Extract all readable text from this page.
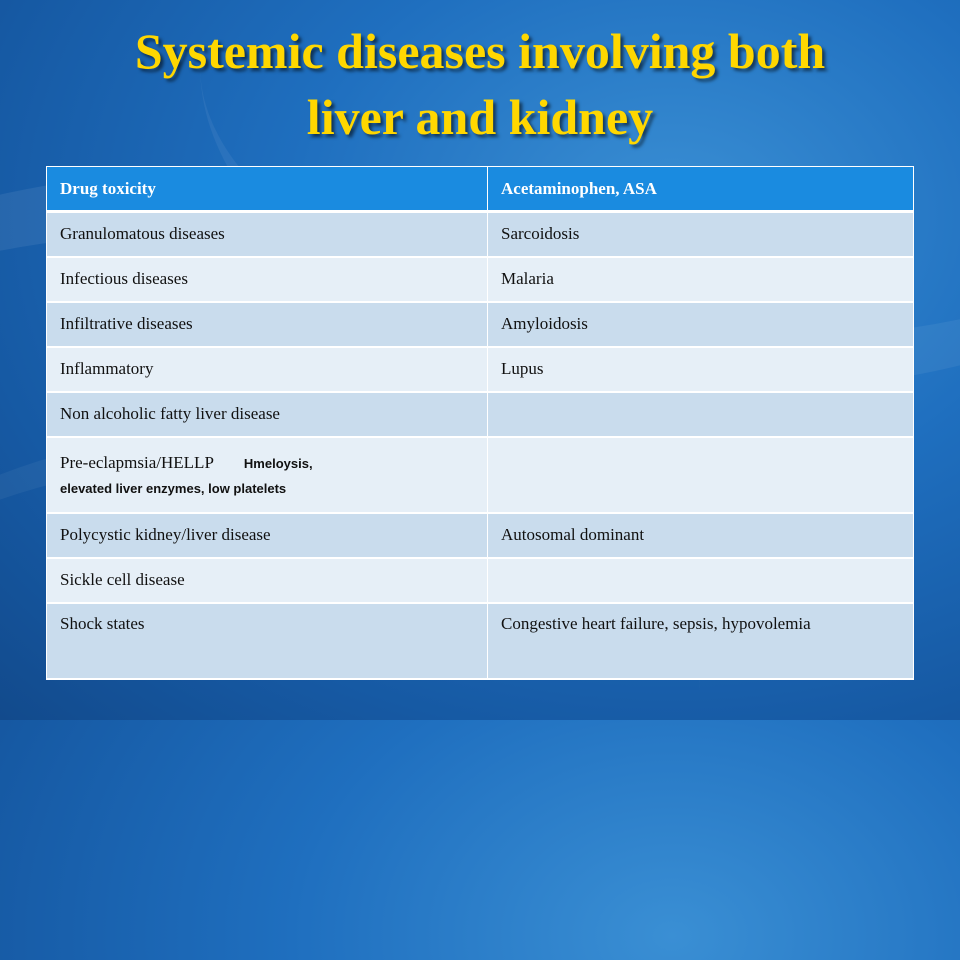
Systemic diseases involving both
liver and kidney
Drug toxicity	Acetaminophen, ASA
Granulomatous diseases	Sarcoidosis
Infectious diseases	Malaria
Infiltrative diseases	Amyloidosis
Inflammatory	Lupus
Non alcoholic fatty liver disease	
Pre-eclapmsia/HELLP Hmeloysis,
elevated liver enzymes, low platelets	

Polycystic kidney/liver disease	Autosomal dominant
Sickle cell disease	
Shock states	Congestive heart failure, sepsis, hypovolemia
